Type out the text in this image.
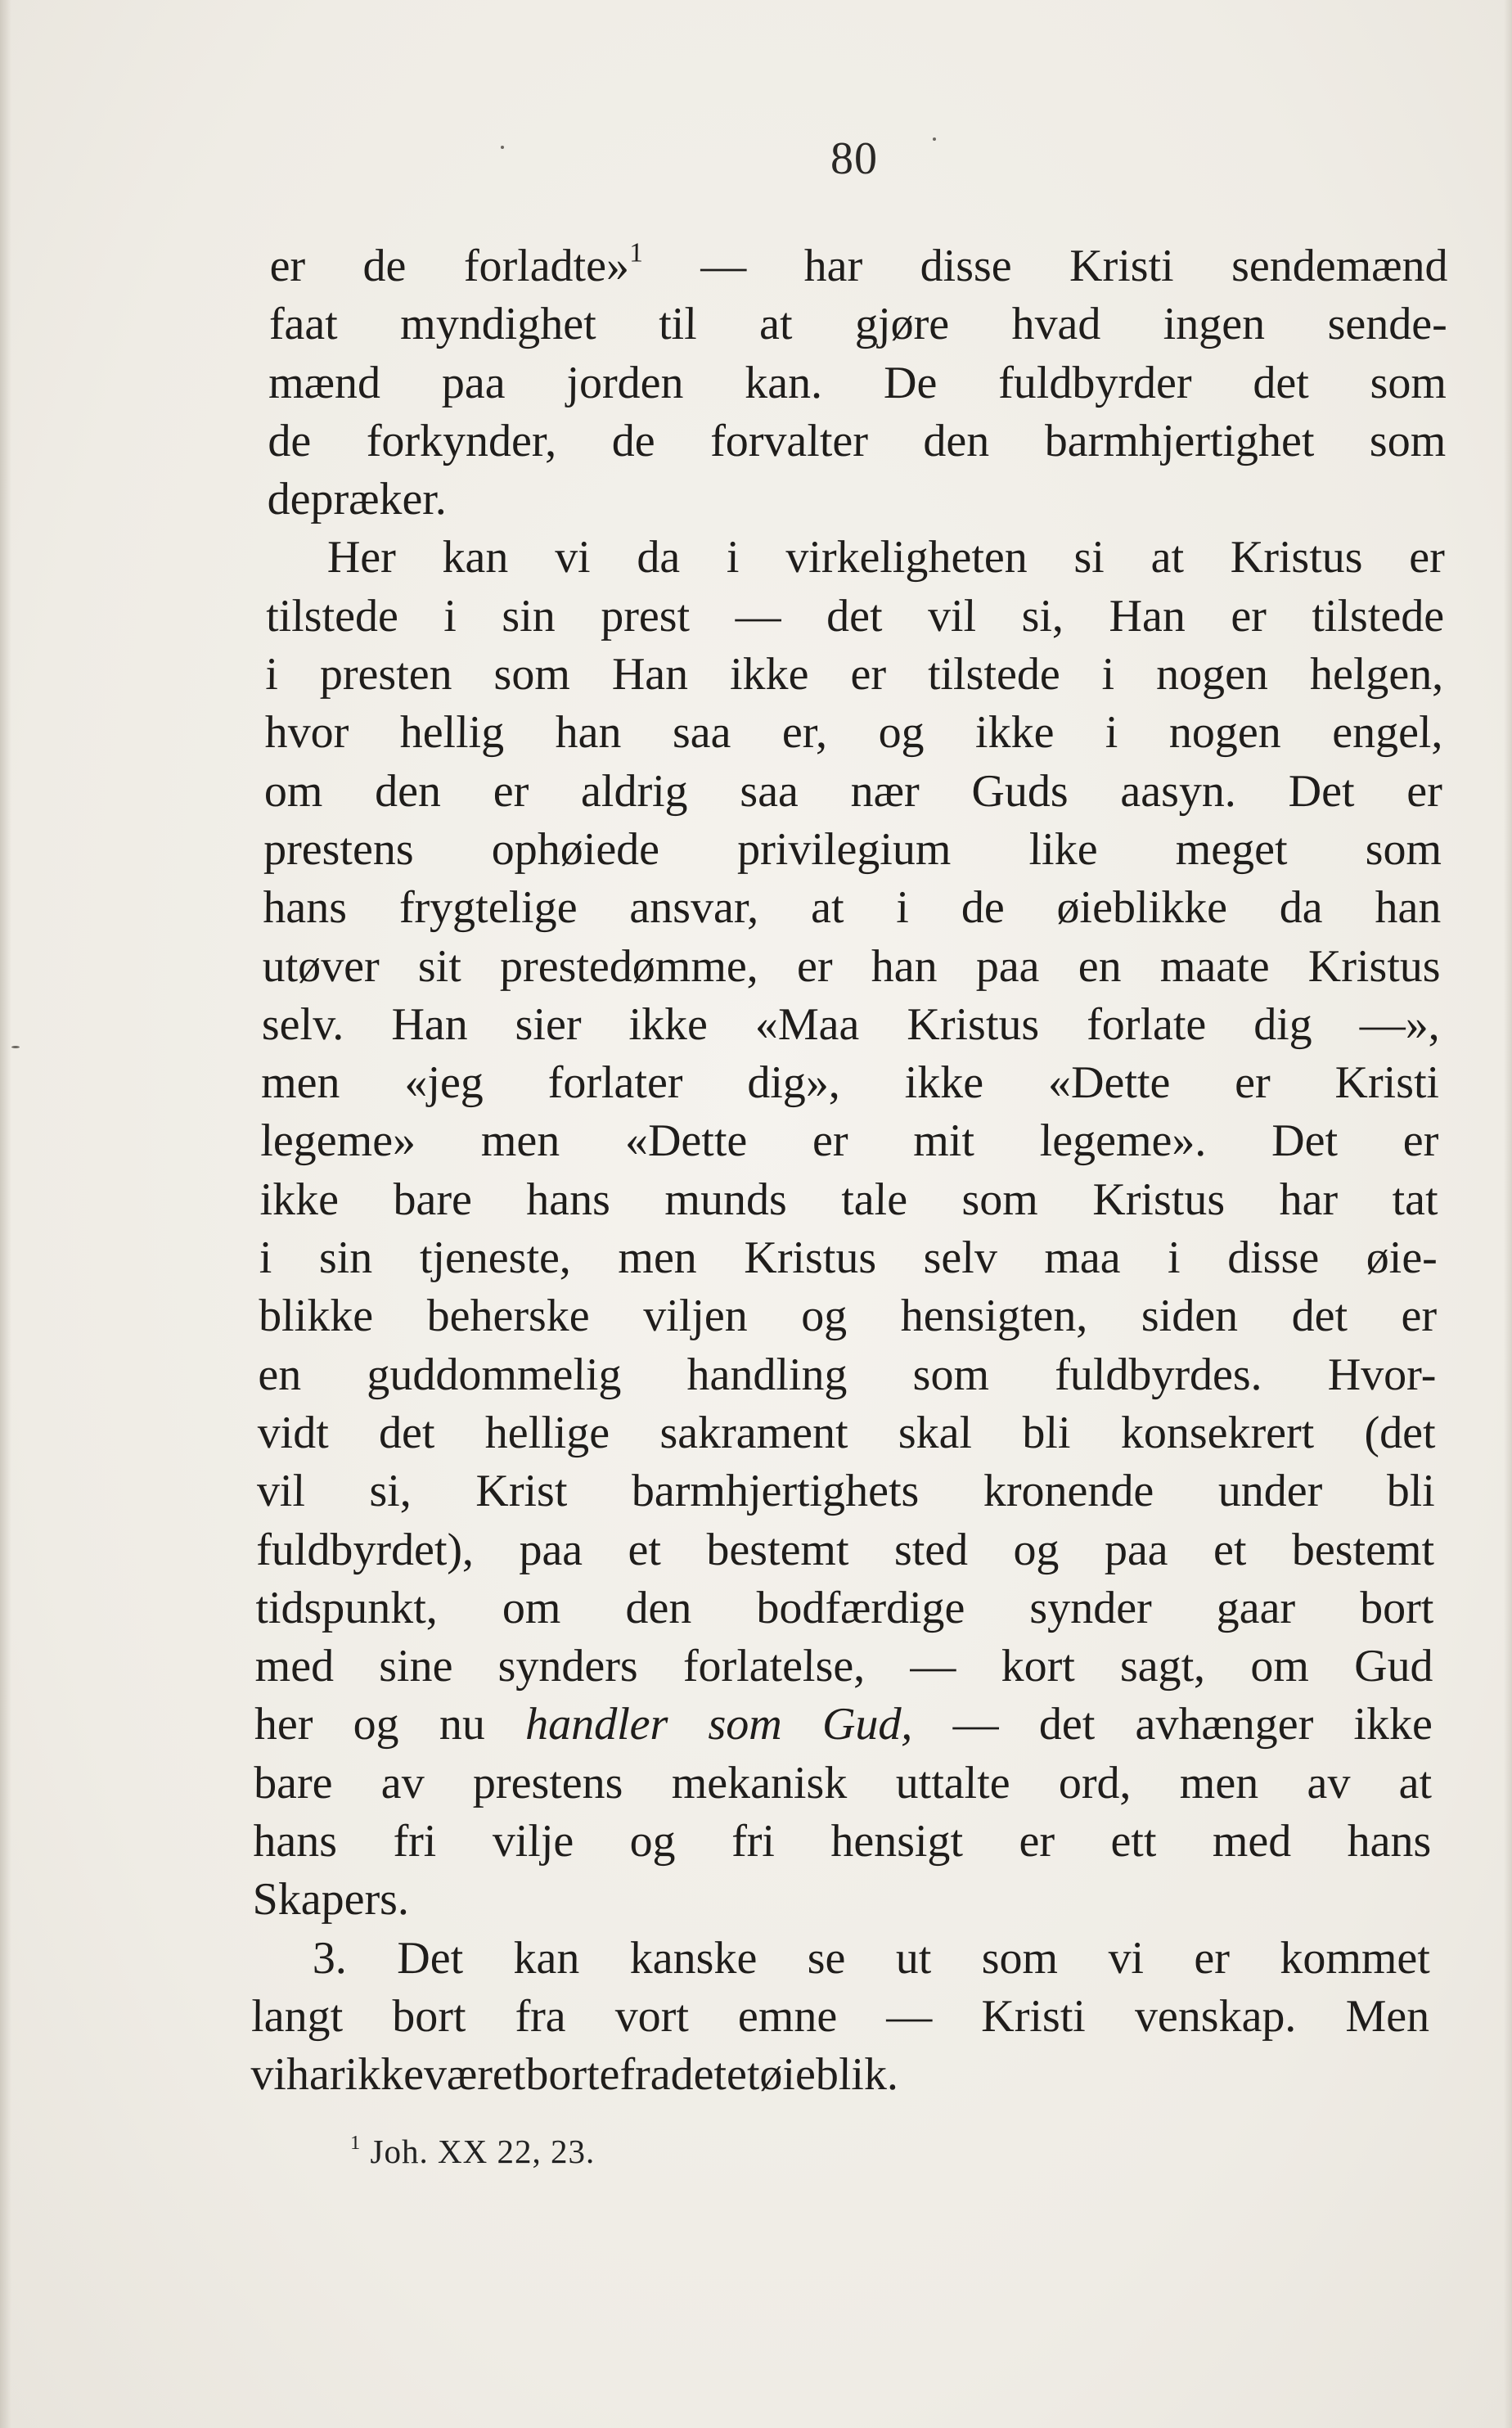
80
er de forladte»$^1$ — har disse Kristi sendemænd
faat myndighet til at gjøre hvad ingen sende-
mænd paa jorden kan. De fuldbyrder det som
de forkynder, de forvalter den barmhjertighet som
de præker.
Her kan vi da i virkeligheten si at Kristus er
tilstede i sin prest — det vil si, Han er tilstede
i presten som Han ikke er tilstede i nogen helgen,
hvor hellig han saa er, og ikke i nogen engel,
om den er aldrig saa nær Guds aasyn. Det er
prestens ophøiede privilegium like meget som
hans frygtelige ansvar, at i de øieblikke da han
utøver sit prestedømme, er han paa en maate Kristus
selv. Han sier ikke «Maa Kristus forlate dig —»,
men «jeg forlater dig», ikke «Dette er Kristi
legeme» men «Dette er mit legeme». Det er
ikke bare hans munds tale som Kristus har tat
i sin tjeneste, men Kristus selv maa i disse øie-
blikke beherske viljen og hensigten, siden det er
en guddommelig handling som fuldbyrdes. Hvor-
vidt det hellige sakrament skal bli konsekrert (det
vil si, Krist barmhjertighets kronende under bli
fuldbyrdet), paa et bestemt sted og paa et bestemt
tidspunkt, om den bodfærdige synder gaar bort
med sine synders forlatelse, — kort sagt, om Gud
her og nu handler som Gud, — det avhænger ikke
bare av prestens mekanisk uttalte ord, men av at
hans fri vilje og fri hensigt er ett med hans
Skapers.
3. Det kan kanske se ut som vi er kommet
langt bort fra vort emne — Kristi venskap. Men
vi har ikke været borte fra det et øieblik.
$^1$ Joh. XX 22, 23.
